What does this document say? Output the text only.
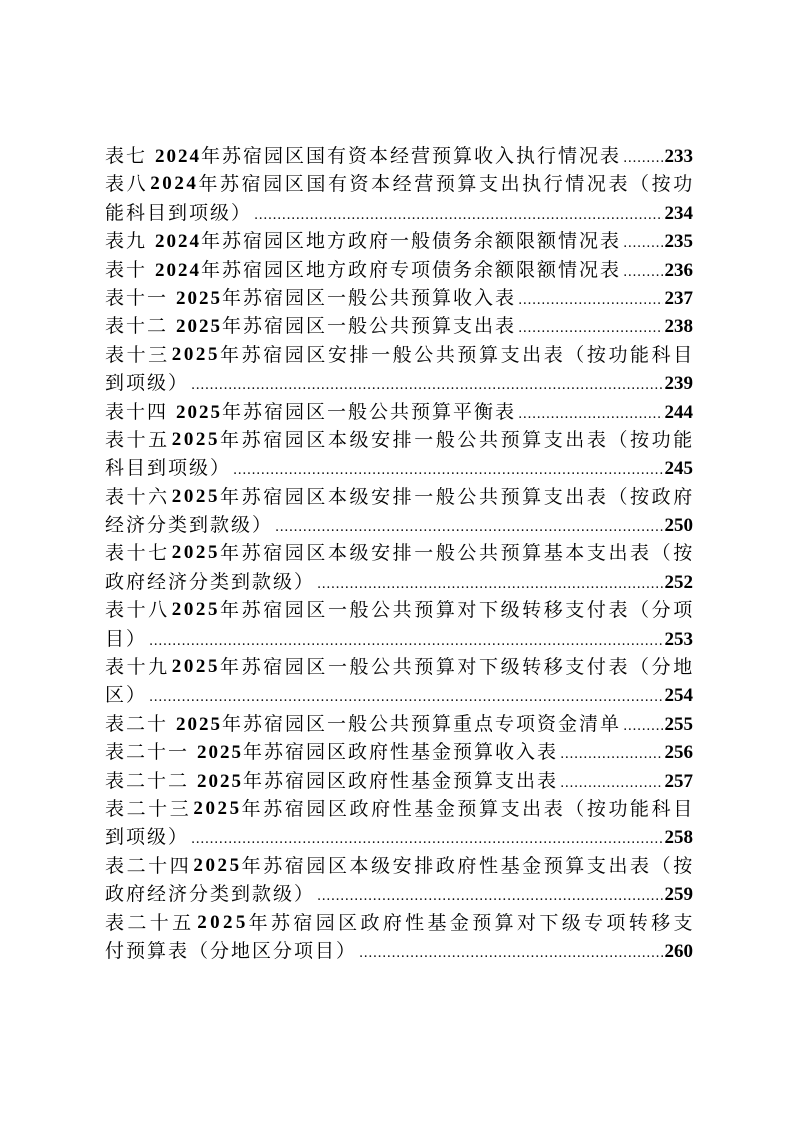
表七 2024年苏宿园区国有资本经营预算收入执行情况表 ..... 233
表 八 2 0 2 4 年 苏 宿 园 区 国 有 资 本 经 营 预 算 支 出 执 行 情 况 表 （ 按 功
能科目到项级） .....	234
表九 2024年苏宿园区地方政府一般债务余额限额情况表 ..... 235
表十 2024年苏宿园区地方政府专项债务余额限额情况表 ..... 236
表十一 2025年苏宿园区一般公共预算收入表 .....	237
表十二 2025年苏宿园区一般公共预算支出表 .....	238
表 十 三 2 0 2 5 年 苏 宿 园 区 安 排 一 般 公 共 预 算 支 出 表 （ 按 功 能 科 目
到项级） .....	239
表十四 2025年苏宿园区一般公共预算平衡表 .....	244
表 十 五 2 0 2 5 年 苏 宿 园 区 本 级 安 排 一 般 公 共 预 算 支 出 表 （ 按 功 能
科目到项级） .....	245
表 十 六 2 0 2 5 年 苏 宿 园 区 本 级 安 排 一 般 公 共 预 算 支 出 表 （ 按 政 府
经济分类到款级） .....	250
表 十 七 2 0 2 5 年 苏 宿 园 区 本 级 安 排 一 般 公 共 预 算 基 本 支 出 表 （ 按
政府经济分类到款级） .....	252
表 十 八 2 0 2 5 年 苏 宿 园 区 一 般 公 共 预 算 对 下 级 转 移 支 付 表 （ 分 项
目） .....	253
表 十 九 2 0 2 5 年 苏 宿 园 区 一 般 公 共 预 算 对 下 级 转 移 支 付 表 （ 分 地
区） .....	254
表二十 2025年苏宿园区一般公共预算重点专项资金清单 ..... 255
表二十一 2025年苏宿园区政府性基金预算收入表 .....	256
表二十二 2025年苏宿园区政府性基金预算支出表 .....	257
表 二 十 三 2 0 2 5 年 苏 宿 园 区 政 府 性 基 金 预 算 支 出 表 （ 按 功 能 科 目
到项级） .....	258
表 二 十 四 2 0 2 5 年 苏 宿 园 区 本 级 安 排 政 府 性 基 金 预 算 支 出 表 （ 按
政府经济分类到款级） .....	259
表 二 十 五 2 0 2 5 年 苏 宿 园 区 政 府 性 基 金 预 算 对 下 级 专 项 转 移 支
付预算表（分地区分项目） .....	260
